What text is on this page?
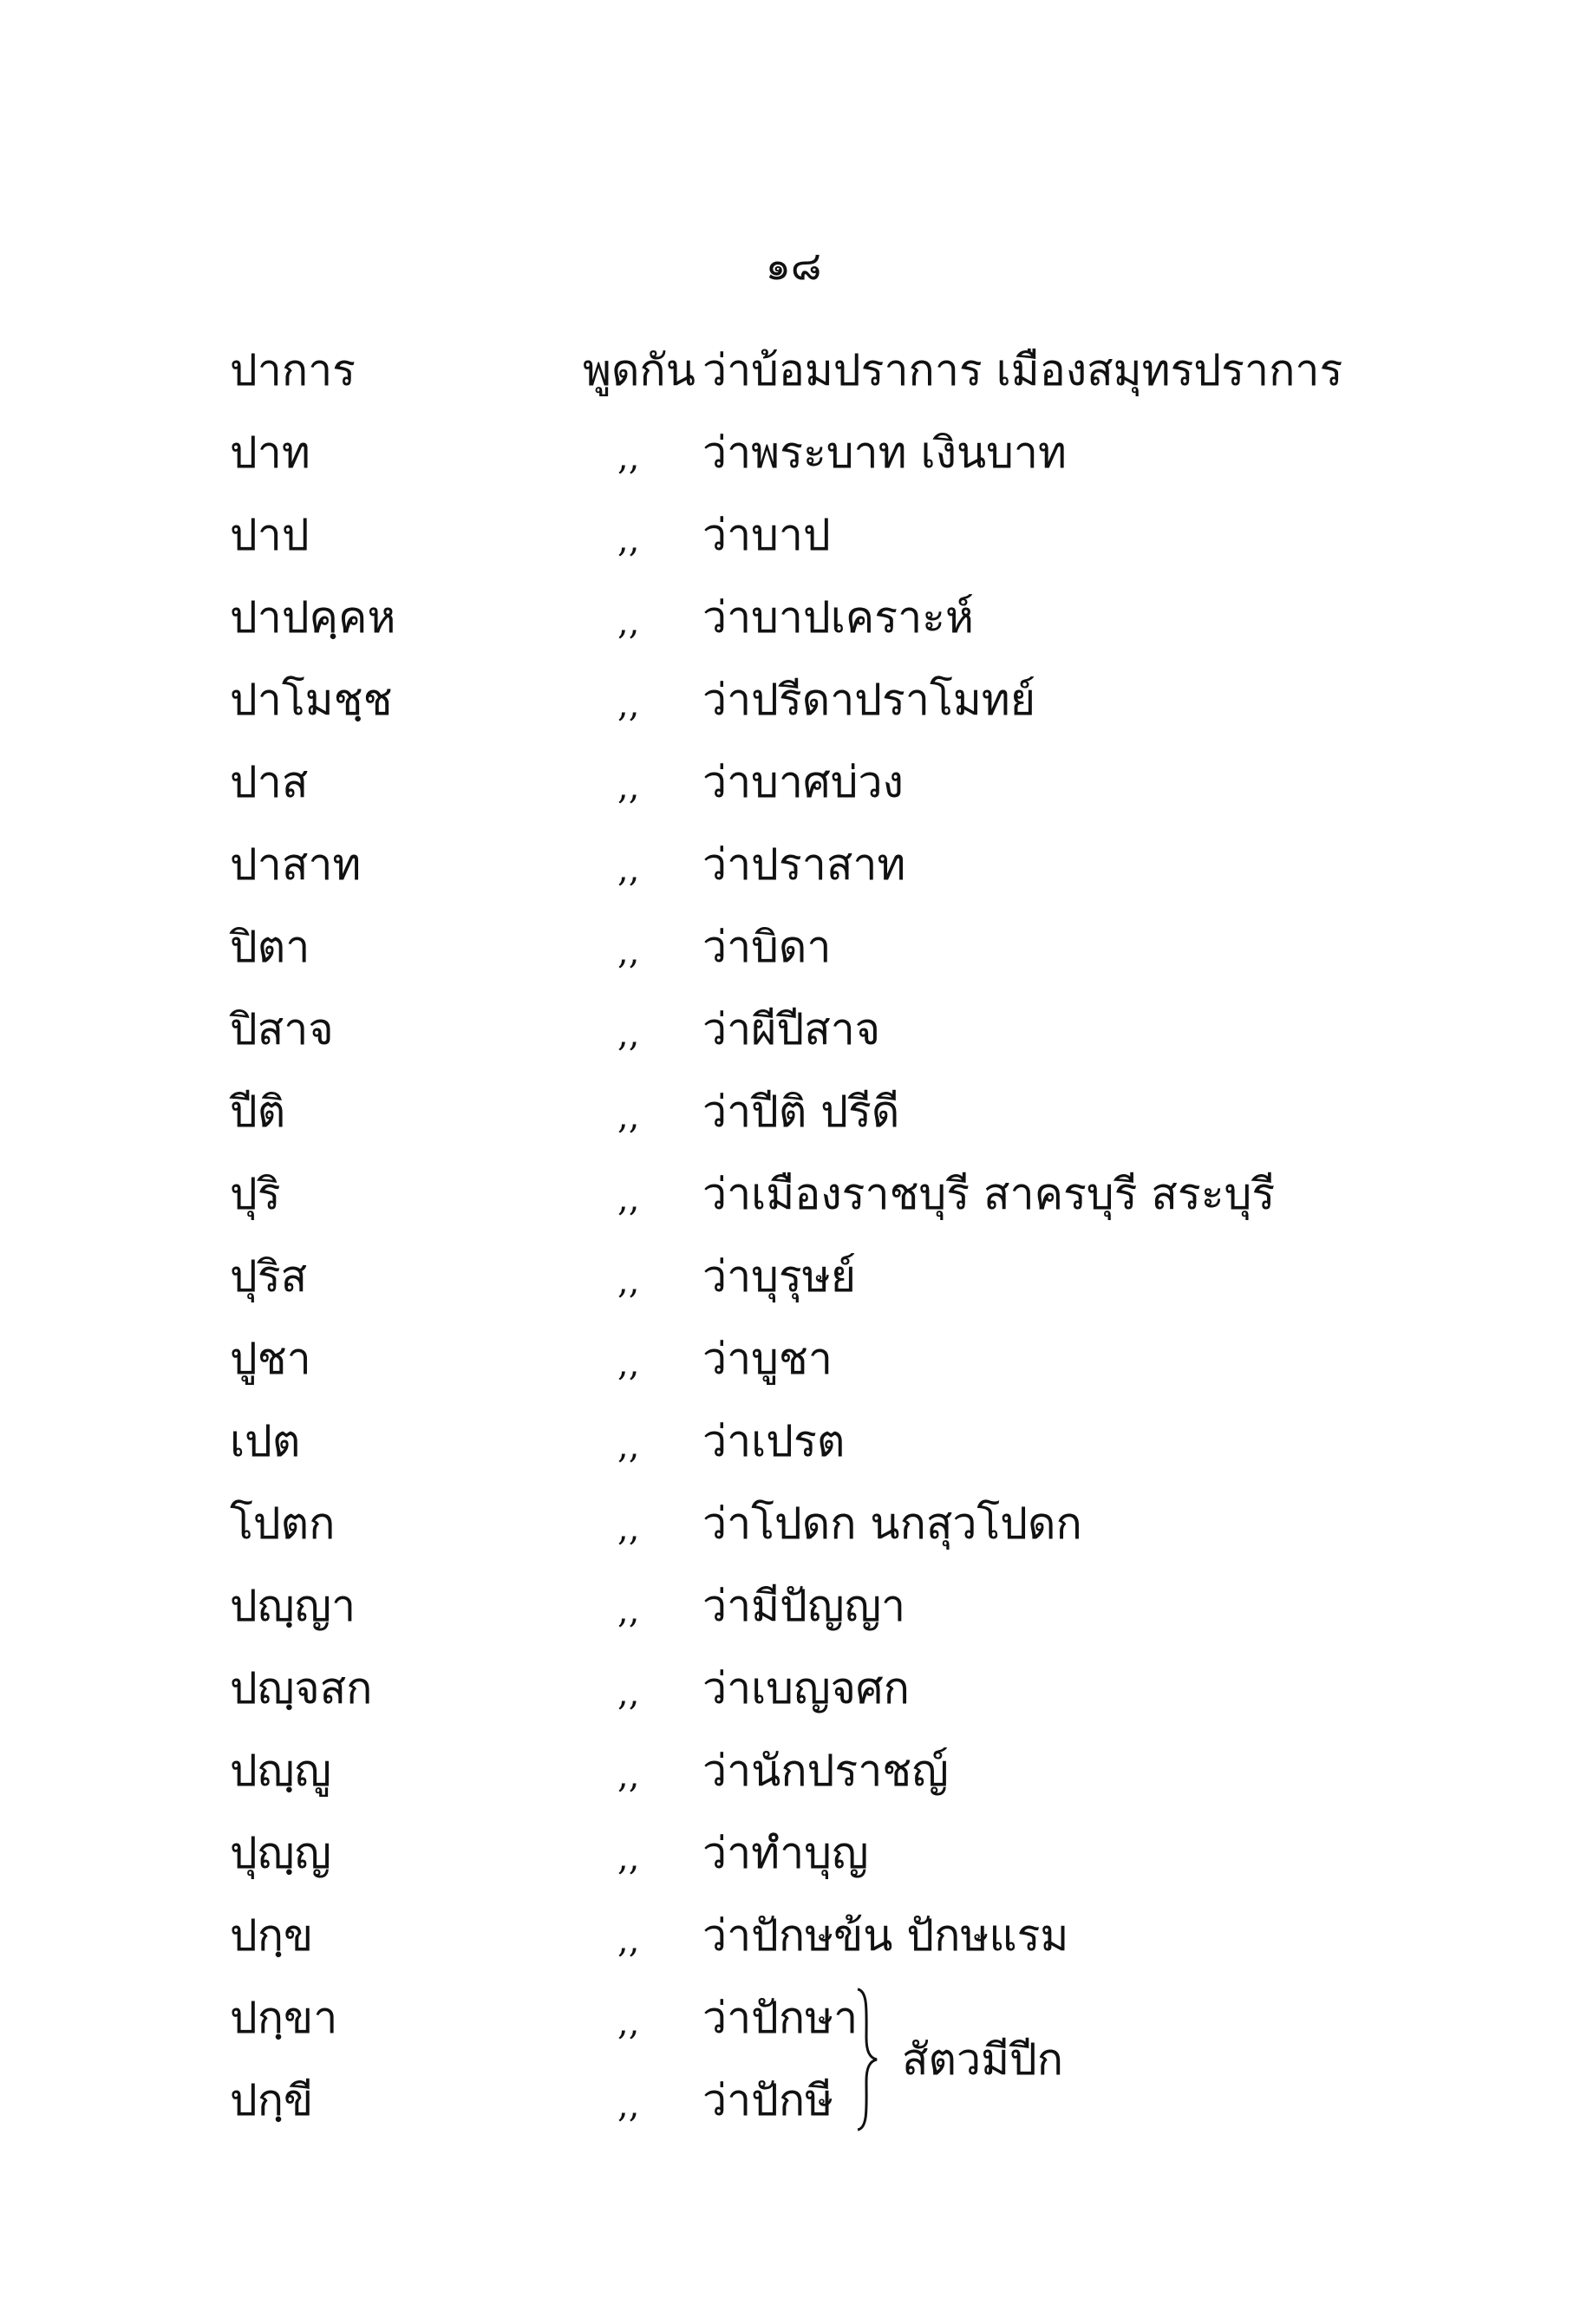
๑๘
ปาการ	พูดกัน ว่าบ้อมปราการ เมืองสมุทรปราการ
ปาท	,, ว่าพระบาท เงินบาท
ปาป	,, ว่าบาป
ปาปคฺคห	,, ว่าบาปเคราะห์
ปาโมชฺช	,, ว่าปรีดาปราโมทย์
ปาส	,, ว่าบาศบ่วง
ปาสาท	,, ว่าปราสาท
ปิตา	,, ว่าบิดา
ปิสาจ	,, ว่าผีปีสาจ
ปีติ	,, ว่าปีติ ปรีดี
ปุริ	,, ว่าเมืองราชบุรี สาครบุรี สระบุรี
ปุริส	,, ว่าบุรุษย์
ปูชา	,, ว่าบูชา
เปต	,, ว่าเปรต
โปตก	,, ว่าโปดก นกสุวโปดก
ปญฺญา	,, ว่ามีปัญญา
ปญฺจสก	,, ว่าเบญจศก
ปญฺญู	,, ว่านักปราชญ์
ปุญฺญ	,, ว่าทำบุญ
ปกฺข	,, ว่าปักษข้น ปักษแรม
ปกฺขา	,, ว่าปักษา
ปกฺขี	,, ว่าปักษี
สัตวมีปีก
